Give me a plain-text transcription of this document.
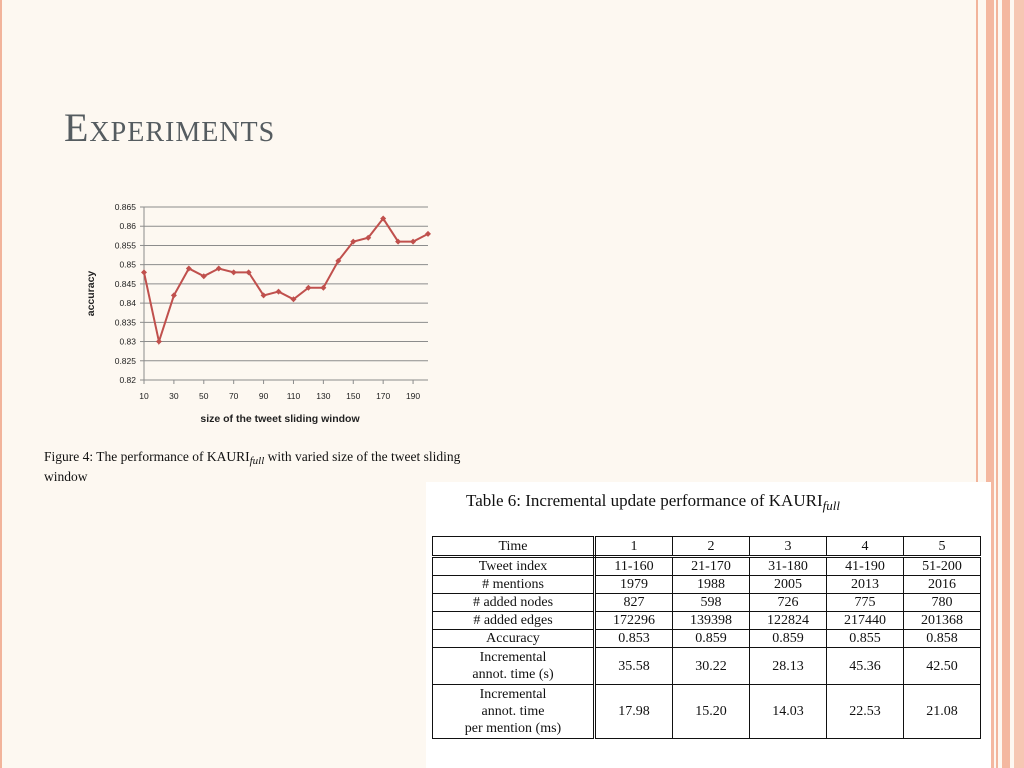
Experiments
0.865
0.86
0.855
0.85
0.845
0.84
0.835
0.83
0.825
0.82
10 30 50 70 90 110 130 150 170 190
size of the tweet sliding window
accuracy
Figure 4: The performance of $KAURI_{full}$ with varied size of the tweet sliding window
Table 6: Incremental update performance of $KAURI_{full}$
Time	1	2	3	4	5
Tweet index	11-160	21-170	31-180	41-190	51-200
# mentions	1979	1988	2005	2013	2016
# added nodes	827	598	726	775	780
# added edges	172296	139398	122824	217440	201368
Accuracy	0.853	0.859	0.859	0.855	0.858
Incremental
annot. time (s)	35.58	30.22	28.13	45.36	42.50
Incremental
annot. time
per mention (ms)	17.98	15.20	14.03	22.53	21.08
